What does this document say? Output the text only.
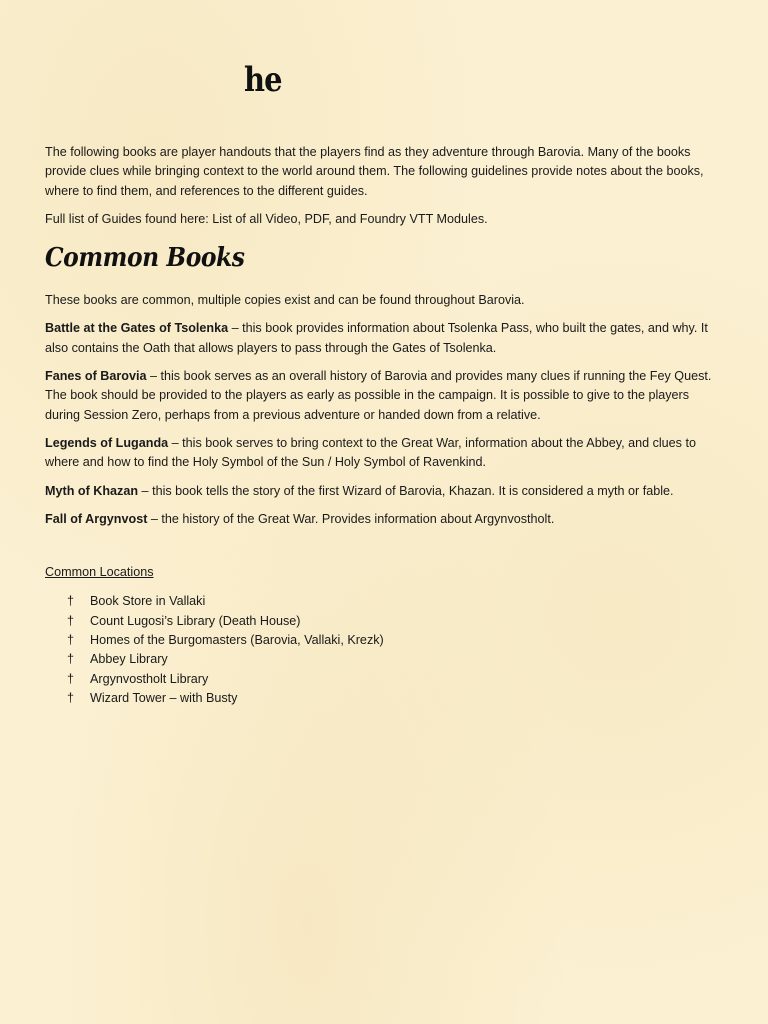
he

The following books are player handouts that the players find as they adventure through Barovia. Many of the books provide clues while bringing context to the world around them. The following guidelines provide notes about the books, where to find them, and references to the different guides.

Full list of Guides found here: List of all Video, PDF, and Foundry VTT Modules.

Common Books

These books are common, multiple copies exist and can be found throughout Barovia.

Battle at the Gates of Tsolenka – this book provides information about Tsolenka Pass, who built the gates, and why. It also contains the Oath that allows players to pass through the Gates of Tsolenka.

Fanes of Barovia – this book serves as an overall history of Barovia and provides many clues if running the Fey Quest. The book should be provided to the players as early as possible in the campaign. It is possible to give to the players during Session Zero, perhaps from a previous adventure or handed down from a relative.

Legends of Luganda – this book serves to bring context to the Great War, information about the Abbey, and clues to where and how to find the Holy Symbol of the Sun / Holy Symbol of Ravenkind.

Myth of Khazan – this book tells the story of the first Wizard of Barovia, Khazan. It is considered a myth or fable.

Fall of Argynvost – the history of the Great War. Provides information about Argynvostholt.

Common Locations
†	Book Store in Vallaki
†	Count Lugosi’s Library (Death House)
†	Homes of the Burgomasters (Barovia, Vallaki, Krezk)
†	Abbey Library
†	Argynvostholt Library
†	Wizard Tower – with Busty
